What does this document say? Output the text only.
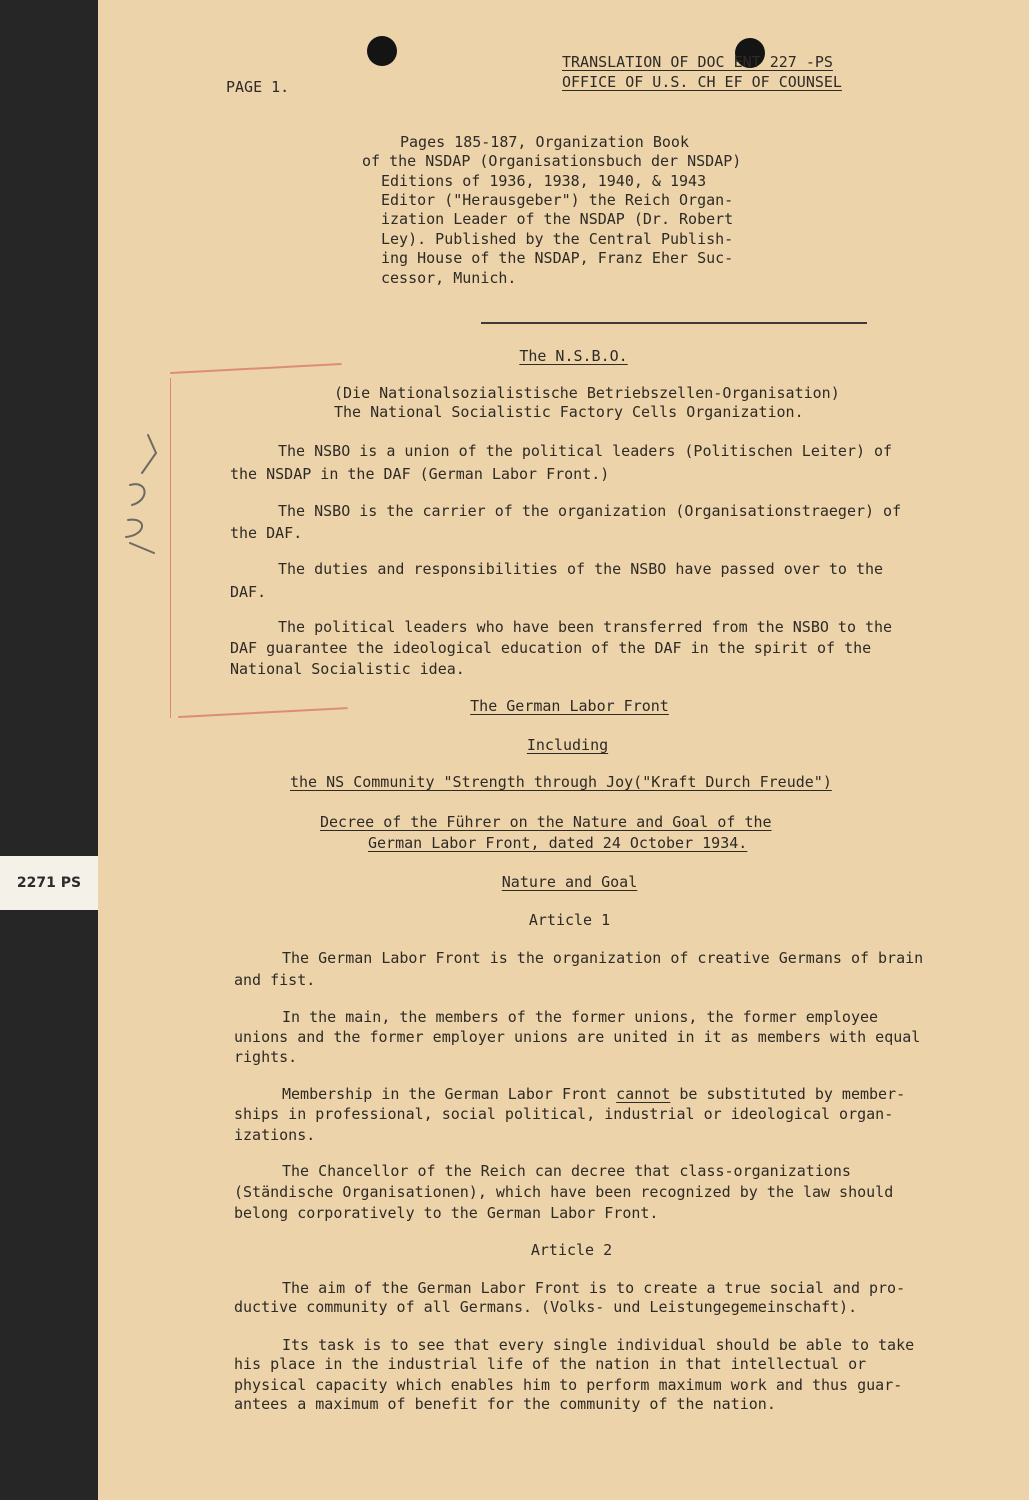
2271 PS
PAGE 1.
TRANSLATION OF DOC ENT 227 -PS
OFFICE OF U.S. CH EF OF COUNSEL
Pages 185-187, Organization Book
of the NSDAP (Organisationsbuch der NSDAP)
Editions of 1936, 1938, 1940, & 1943
Editor ("Herausgeber") the Reich Organ-
ization Leader of the NSDAP (Dr. Robert
Ley). Published by the Central Publish-
ing House of the NSDAP, Franz Eher Suc-
cessor, Munich.
The N.S.B.O.
(Die Nationalsozialistische Betriebszellen-Organisation)
The National Socialistic Factory Cells Organization.
The NSBO is a union of the political leaders (Politischen Leiter) of
the NSDAP in the DAF (German Labor Front.)
The NSBO is the carrier of the organization (Organisationstraeger) of
the DAF.
The duties and responsibilities of the NSBO have passed over to the
DAF.
The political leaders who have been transferred from the NSBO to the
DAF guarantee the ideological education of the DAF in the spirit of the
National Socialistic idea.
The German Labor Front
Including
the NS Community "Strength through Joy("Kraft Durch Freude")
Decree of the Führer on the Nature and Goal of the
German Labor Front, dated 24 October 1934.
Nature and Goal
Article 1
The German Labor Front is the organization of creative Germans of brain
and fist.
In the main, the members of the former unions, the former employee
unions and the former employer unions are united in it as members with equal
rights.
Membership in the German Labor Front cannot be substituted by member-
ships in professional, social political, industrial or ideological organ-
izations.
The Chancellor of the Reich can decree that class-organizations
(Ständische Organisationen), which have been recognized by the law should
belong corporatively to the German Labor Front.
Article 2
The aim of the German Labor Front is to create a true social and pro-
ductive community of all Germans. (Volks- und Leistungegemeinschaft).
Its task is to see that every single individual should be able to take
his place in the industrial life of the nation in that intellectual or
physical capacity which enables him to perform maximum work and thus guar-
antees a maximum of benefit for the community of the nation.
